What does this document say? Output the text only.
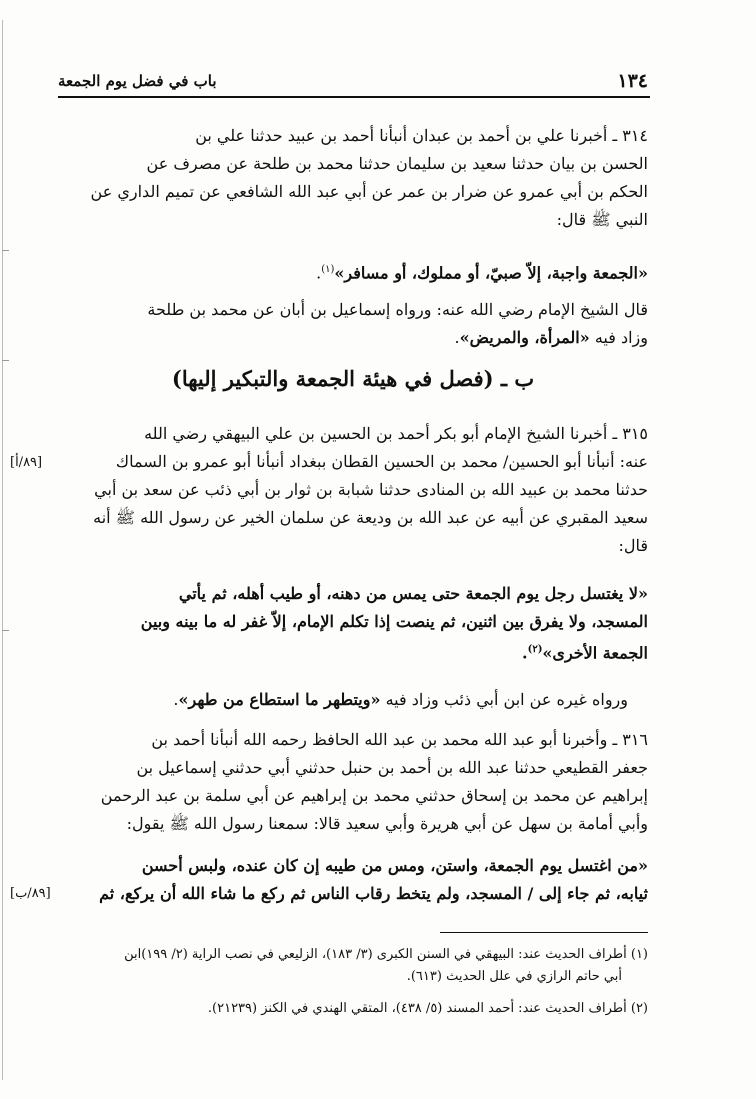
١٣٤
باب في فضل يوم الجمعة
٣١٤ ـ أخبرنا علي بن أحمد بن عبدان أنبأنا أحمد بن عبيد حدثنا علي بن
الحسن بن بيان حدثنا سعيد بن سليمان حدثنا محمد بن طلحة عن مصرف عن
الحكم بن أبي عمرو عن ضرار بن عمر عن أبي عبد الله الشافعي عن تميم الداري عن
النبي ﷺ قال:
«الجمعة واجبة، إلاّ صبيّ، أو مملوك، أو مسافر»$^{(١)}$.
قال الشيخ الإمام رضي الله عنه: ورواه إسماعيل بن أبان عن محمد بن طلحة
وزاد فيه «المرأة، والمريض».
ب ـ (فصل في هيئة الجمعة والتبكير إليها)
٣١٥ ـ أخبرنا الشيخ الإمام أبو بكر أحمد بن الحسين بن علي البيهقي رضي الله
عنه: أنبأنا أبو الحسين/ محمد بن الحسين القطان ببغداد أنبأنا أبو عمرو بن السماك
حدثنا محمد بن عبيد الله بن المنادى حدثنا شبابة بن ثوار بن أبي ذئب عن سعد بن أبي
سعيد المقبري عن أبيه عن عبد الله بن وديعة عن سلمان الخير عن رسول الله ﷺ أنه
قال:
[٨٩/أ]
«لا يغتسل رجل يوم الجمعة حتى يمس من دهنه، أو طيب أهله، ثم يأتي
المسجد، ولا يفرق بين اثنين، ثم ينصت إذا تكلم الإمام، إلاّ غفر له ما بينه وبين
الجمعة الأخرى»$^{(٢)}$.
ورواه غيره عن ابن أبي ذئب وزاد فيه «ويتطهر ما استطاع من طهر».
٣١٦ ـ وأخبرنا أبو عبد الله محمد بن عبد الله الحافظ رحمه الله أنبأنا أحمد بن
جعفر القطيعي حدثنا عبد الله بن أحمد بن حنبل حدثني أبي حدثني إسماعيل بن
إبراهيم عن محمد بن إسحاق حدثني محمد بن إبراهيم عن أبي سلمة بن عبد الرحمن
وأبي أمامة بن سهل عن أبي هريرة وأبي سعيد قالا: سمعنا رسول الله ﷺ يقول:
«من اغتسل يوم الجمعة، واستن، ومس من طيبه إن كان عنده، ولبس أحسن
ثيابه، ثم جاء إلى / المسجد، ولم يتخط رقاب الناس ثم ركع ما شاء الله أن يركع، ثم
[٨٩/ب]
(١) أطراف الحديث عند: البيهقي في السنن الكبرى (٣/ ١٨٣)، الزليعي في نصب الراية (٢/ ١٩٩)ابن
أبي حاتم الرازي في علل الحديث (٦١٣).
(٢) أطراف الحديث عند: أحمد المسند (٥/ ٤٣٨)، المتقي الهندي في الكنز (٢١٢٣٩).
